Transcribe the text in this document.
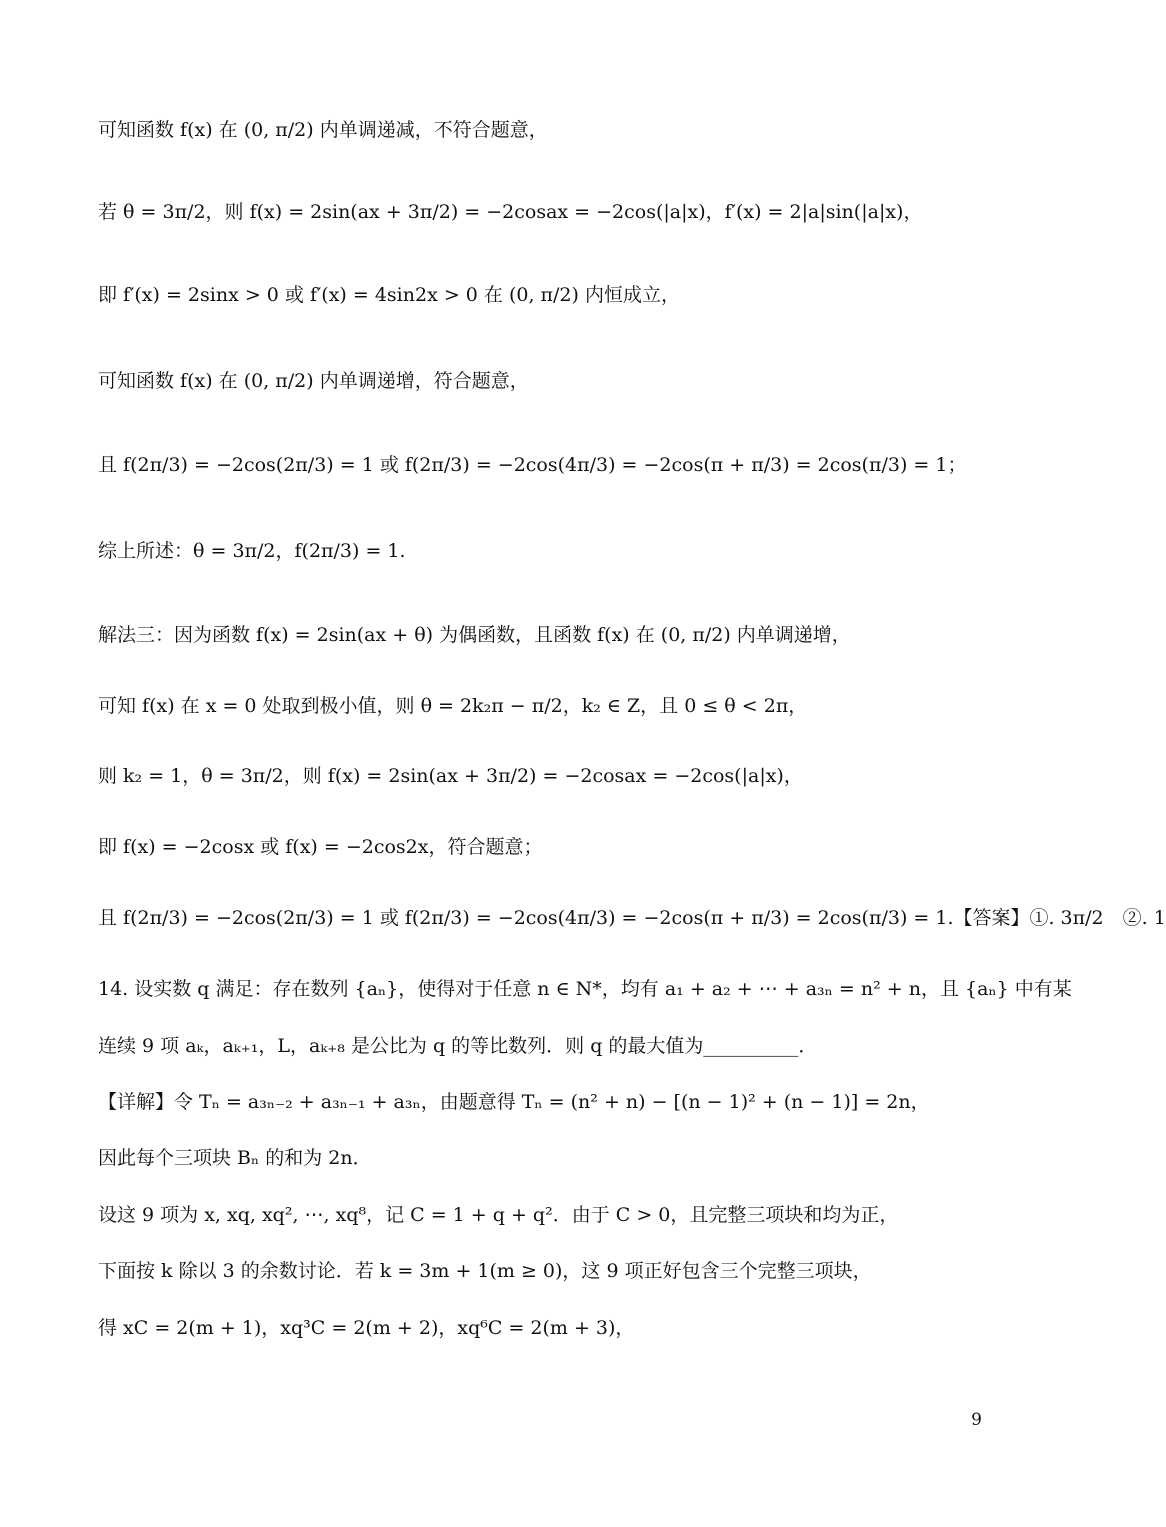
可知函数 f(x) 在 (0, π/2) 内单调递减，不符合题意，
若 θ = 3π/2，则 f(x) = 2sin(ax + 3π/2) = −2cosax = −2cos(|a|x)，f′(x) = 2|a|sin(|a|x)，
即 f′(x) = 2sinx > 0 或 f′(x) = 4sin2x > 0 在 (0, π/2) 内恒成立，
可知函数 f(x) 在 (0, π/2) 内单调递增，符合题意，
且 f(2π/3) = −2cos(2π/3) = 1 或 f(2π/3) = −2cos(4π/3) = −2cos(π + π/3) = 2cos(π/3) = 1；
综上所述：θ = 3π/2，f(2π/3) = 1.
解法三：因为函数 f(x) = 2sin(ax + θ) 为偶函数，且函数 f(x) 在 (0, π/2) 内单调递增，
可知 f(x) 在 x = 0 处取到极小值，则 θ = 2k₂π − π/2，k₂ ∈ Z，且 0 ≤ θ < 2π，
则 k₂ = 1，θ = 3π/2，则 f(x) = 2sin(ax + 3π/2) = −2cosax = −2cos(|a|x)，
即 f(x) = −2cosx 或 f(x) = −2cos2x，符合题意；
且 f(2π/3) = −2cos(2π/3) = 1 或 f(2π/3) = −2cos(4π/3) = −2cos(π + π/3) = 2cos(π/3) = 1.【答案】①. 3π/2　②. 1
14. 设实数 q 满足：存在数列 {aₙ}，使得对于任意 n ∈ N*，均有 a₁ + a₂ + ⋯ + a₃ₙ = n² + n，且 {aₙ} 中有某
连续 9 项 aₖ，aₖ₊₁，L，aₖ₊₈ 是公比为 q 的等比数列．则 q 的最大值为__________．
【详解】令 Tₙ = a₃ₙ₋₂ + a₃ₙ₋₁ + a₃ₙ，由题意得 Tₙ = (n² + n) − [(n − 1)² + (n − 1)] = 2n，
因此每个三项块 Bₙ 的和为 2n．
设这 9 项为 x, xq, xq², ⋯, xq⁸，记 C = 1 + q + q²．由于 C > 0，且完整三项块和均为正，
下面按 k 除以 3 的余数讨论．若 k = 3m + 1(m ≥ 0)，这 9 项正好包含三个完整三项块，
得 xC = 2(m + 1)，xq³C = 2(m + 2)，xq⁶C = 2(m + 3)，
9
